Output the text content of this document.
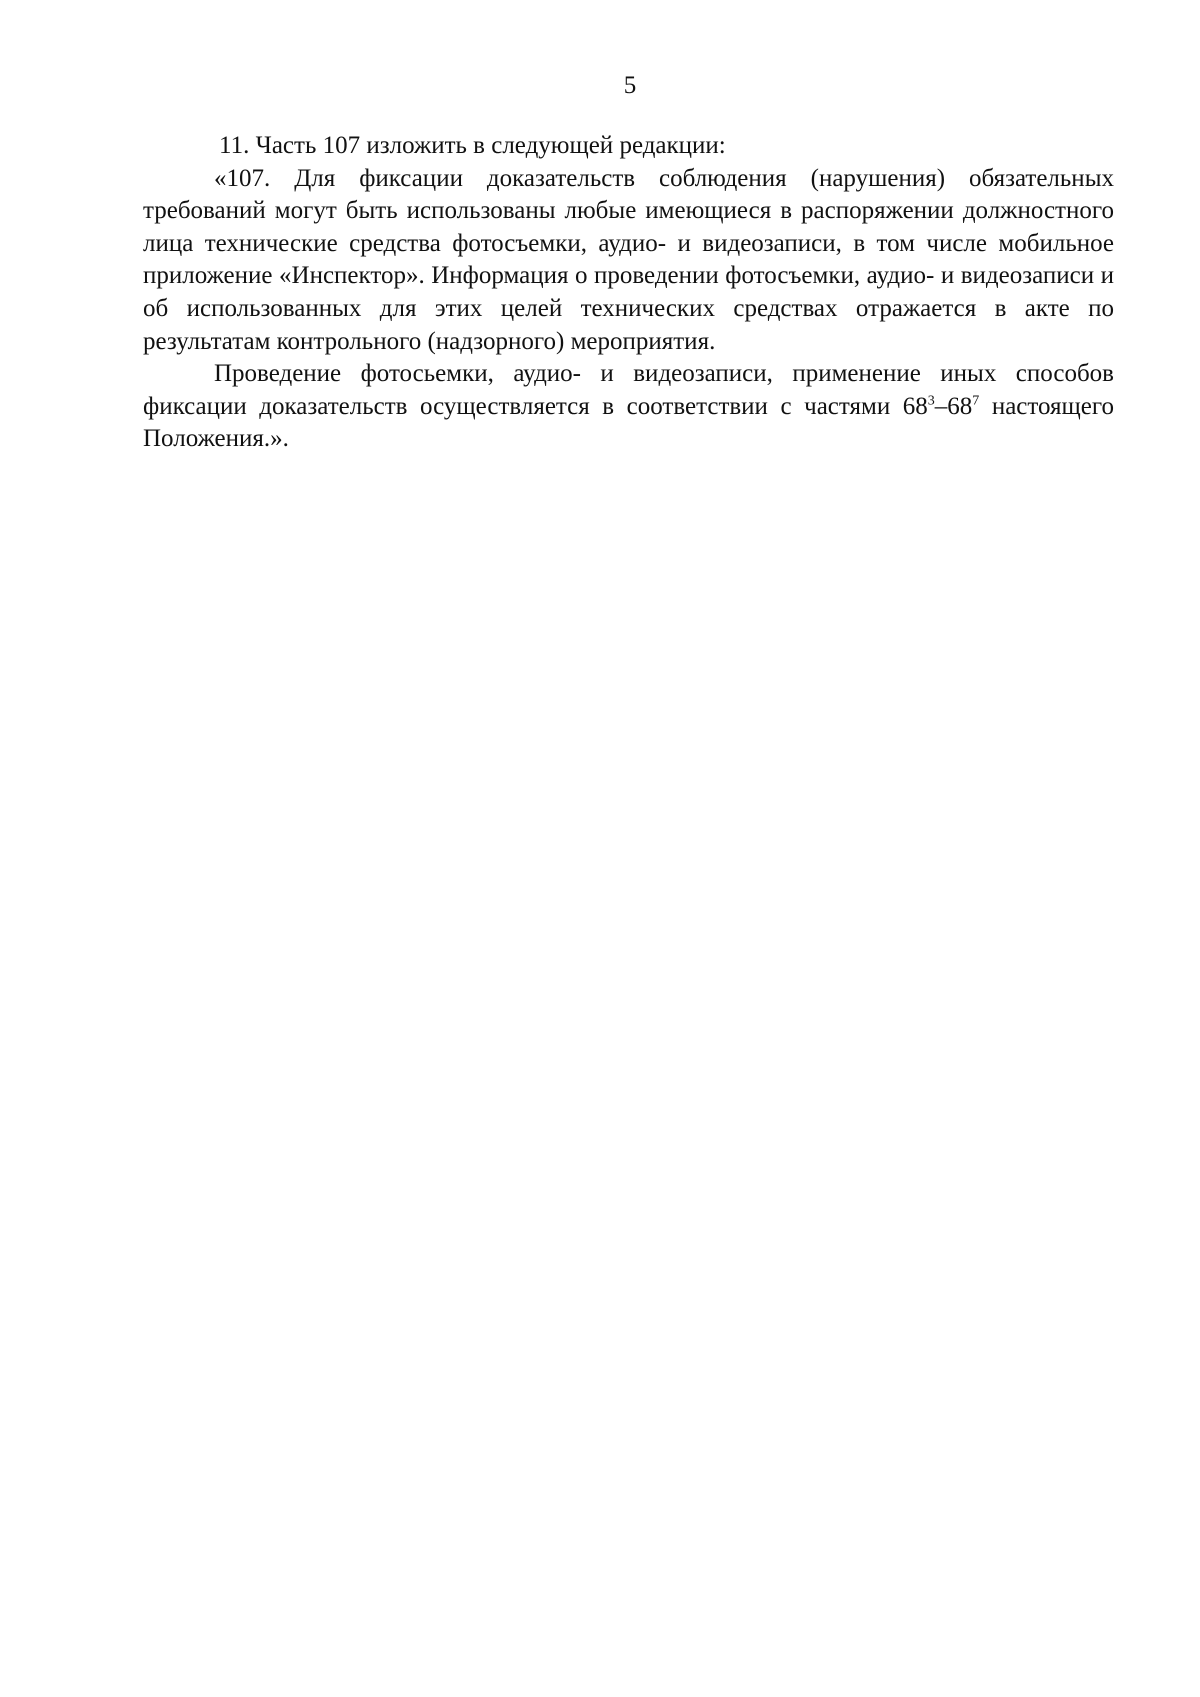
5

11. Часть 107 изложить в следующей редакции:

«107. Для фиксации доказательств соблюдения (нарушения) обязательных требований могут быть использованы любые имеющиеся в распоряжении должностного лица технические средства фотосъемки, аудио- и видеозаписи, в том числе мобильное приложение «Инспектор». Информация о проведении фотосъемки, аудио- и видеозаписи и об использованных для этих целей технических средствах отражается в акте по результатам контрольного (надзорного) мероприятия.

Проведение фотосьемки, аудио- и видеозаписи, применение иных способов фиксации доказательств осуществляется в соответствии с частями $68^3-68^7$ настоящего Положения.».
